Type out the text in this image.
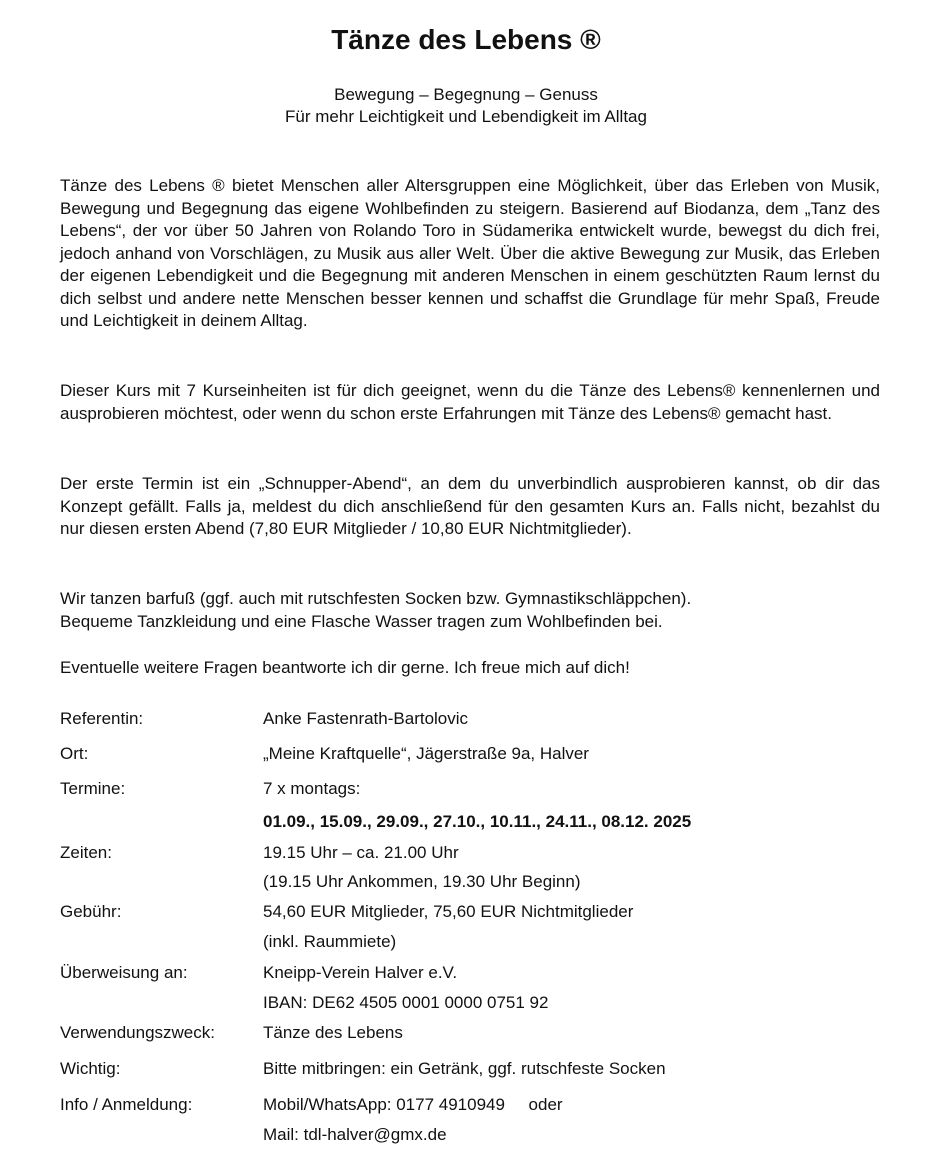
Tänze des Lebens ®
Bewegung – Begegnung – Genuss
Für mehr Leichtigkeit und Lebendigkeit im Alltag
Tänze des Lebens ® bietet Menschen aller Altersgruppen eine Möglichkeit, über das Erleben von Musik, Bewegung und Begegnung das eigene Wohlbefinden zu steigern. Basierend auf Biodanza, dem „Tanz des Lebens“, der vor über 50 Jahren von Rolando Toro in Südamerika entwickelt wurde, bewegst du dich frei, jedoch anhand von Vorschlägen, zu Musik aus aller Welt. Über die aktive Bewegung zur Musik, das Erleben der eigenen Lebendigkeit und die Begegnung mit anderen Menschen in einem geschützten Raum lernst du dich selbst und andere nette Menschen besser kennen und schaffst die Grundlage für mehr Spaß, Freude und Leichtigkeit in deinem Alltag.
Dieser Kurs mit 7 Kurseinheiten ist für dich geeignet, wenn du die Tänze des Lebens® kennenlernen und ausprobieren möchtest, oder wenn du schon erste Erfahrungen mit Tänze des Lebens® gemacht hast.
Der erste Termin ist ein „Schnupper-Abend“, an dem du unverbindlich ausprobieren kannst, ob dir das Konzept gefällt. Falls ja, meldest du dich anschließend für den gesamten Kurs an. Falls nicht, bezahlst du nur diesen ersten Abend (7,80 EUR Mitglieder / 10,80 EUR Nichtmitglieder).
Wir tanzen barfuß (ggf. auch mit rutschfesten Socken bzw. Gymnastikschläppchen).
Bequeme Tanzkleidung und eine Flasche Wasser tragen zum Wohlbefinden bei.
Eventuelle weitere Fragen beantworte ich dir gerne. Ich freue mich auf dich!
Referentin:	Anke Fastenrath-Bartolovic
Ort:	„Meine Kraftquelle“, Jägerstraße 9a, Halver
Termine:	7 x montags:
01.09., 15.09., 29.09., 27.10., 10.11., 24.11., 08.12. 2025
Zeiten:	19.15 Uhr – ca. 21.00 Uhr
(19.15 Uhr Ankommen, 19.30 Uhr Beginn)
Gebühr:	54,60 EUR Mitglieder, 75,60 EUR Nichtmitglieder
(inkl. Raummiete)
Überweisung an:	Kneipp-Verein Halver e.V.
IBAN: DE62 4505 0001 0000 0751 92
Verwendungszweck:	Tänze des Lebens
Wichtig:	Bitte mitbringen: ein Getränk, ggf. rutschfeste Socken
Info / Anmeldung:	Mobil/WhatsApp: 0177 4910949     oder
Mail: tdl-halver@gmx.de
